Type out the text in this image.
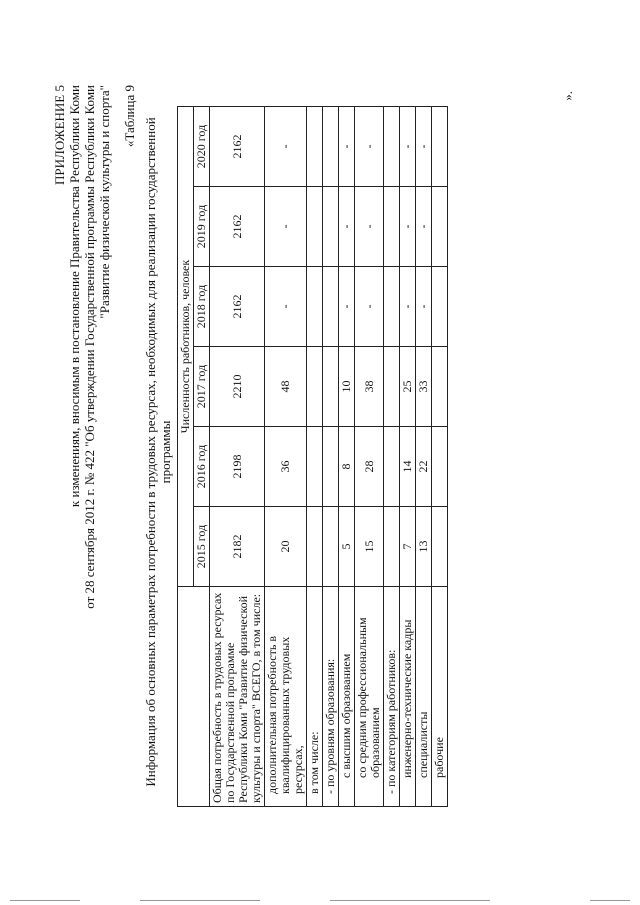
ПРИЛОЖЕНИЕ 5 к изменениям, вносимым в постановление Правительства Республики Коми от 28 сентября 2012 г. № 422 "Об утверждении Государственной программы Республики Коми "Развитие физической культуры и спорта" «Таблица 9
Информация об основных параметрах потребности в трудовых ресурсах, необходимых для реализации государственной программы
	Численность работников, человек					
	2015 год	2016 год	2017 год	2018 год	2019 год	2020 год
Общая потребность в трудовых ресурсах по Государственной программе Республики Коми "Развитие физической культуры и спорта" ВСЕГО, в том числе:	2182	2198	2210	2162	2162	2162
дополнительная потребность в квалифицированных трудовых ресурсах,	20	36	48	-	-	-
в том числе:						
- по уровням образования:						
с высшим образованием	5	8	10	-	-	-
со средним профессиональным образованием	15	28	38	-	-	-
- по категориям работников:						
инженерно-технические кадры	7	14	25	-	-	-
специалисты	13	22	33	-	-	-
рабочие						
».
